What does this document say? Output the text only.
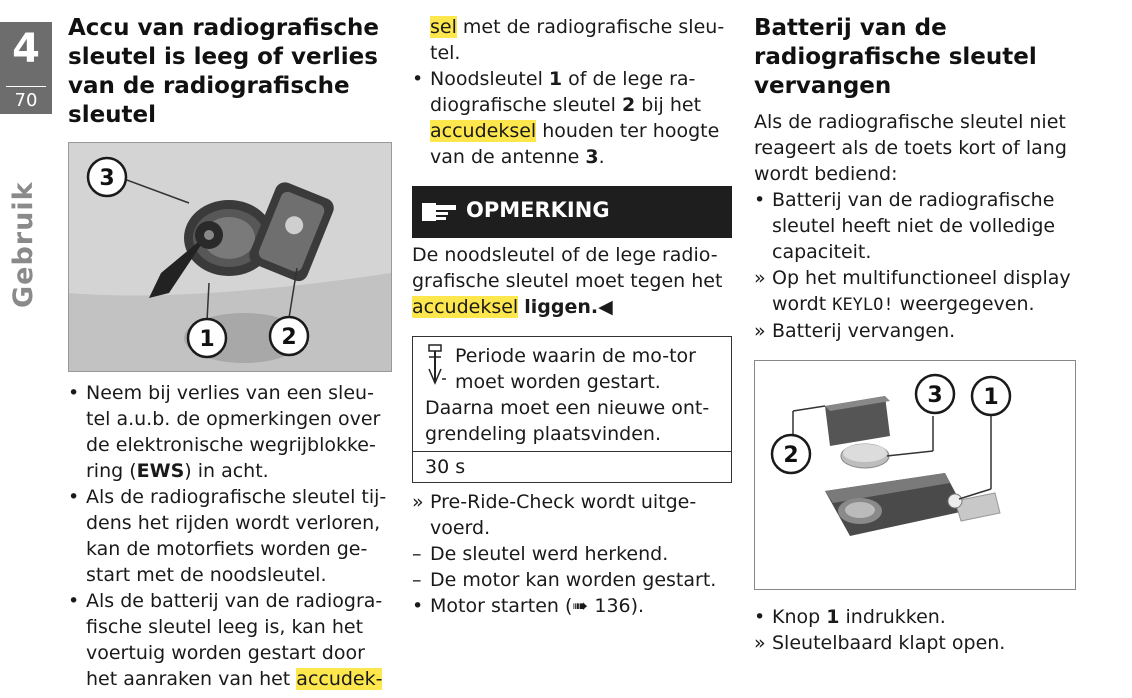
4
70
Gebruik
Accu van radiografische sleutel is leeg of verlies van de radiografische sleutel
3
1	2
• Neem bij verlies van een sleu-tel a.u.b. de opmerkingen over de elektronische wegrijblokke-ring (EWS) in acht.
• Als de radiografische sleutel tij-dens het rijden wordt verloren, kan de motorfiets worden ge-start met de noodsleutel.
• Als de batterij van de radiogra-fische sleutel leeg is, kan het voertuig worden gestart door het aanraken van het accudek-
sel met de radiografische sleu-tel.
• Noodsleutel 1 of de lege ra-diografische sleutel 2 bij het accudeksel houden ter hoogte van de antenne 3.
OPMERKING
De noodsleutel of de lege radio-grafische sleutel moet tegen het accudeksel liggen.◀
Periode waarin de mo-tor moet worden gestart. Daarna moet een nieuwe ont-grendeling plaatsvinden.
30 s
» Pre-Ride-Check wordt uitge-voerd.
– De sleutel werd herkend.
– De motor kan worden gestart.
• Motor starten (➠ 136).
Batterij van de radiografische sleutel vervangen
Als de radiografische sleutel niet reageert als de toets kort of lang wordt bediend:
• Batterij van de radiografische sleutel heeft niet de volledige capaciteit.
» Op het multifunctioneel display wordt KEYLO! weergegeven.
» Batterij vervangen.
3 1
2
• Knop 1 indrukken.
» Sleutelbaard klapt open.
